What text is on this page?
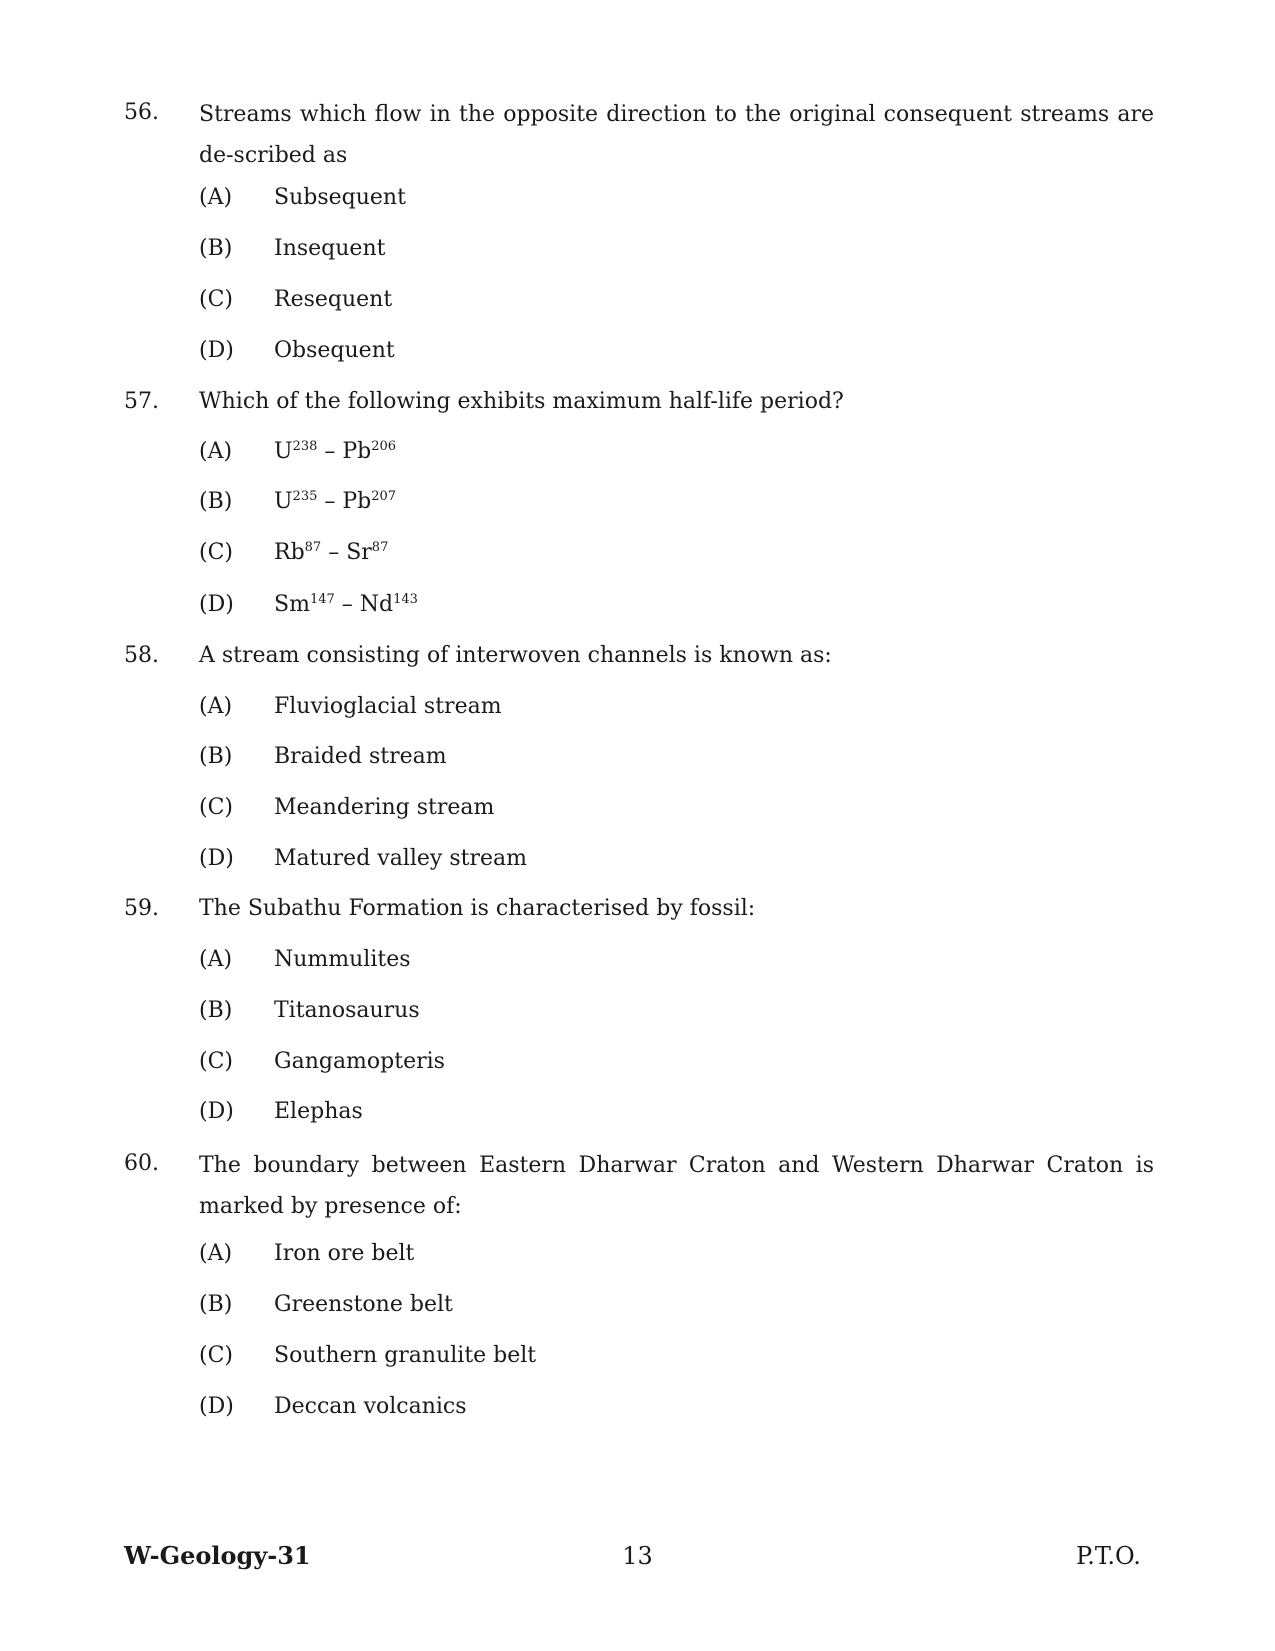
56. Streams which flow in the opposite direction to the original consequent streams are de-scribed as
(A) Subsequent
(B) Insequent
(C) Resequent
(D) Obsequent
57. Which of the following exhibits maximum half-life period?
(A) $U^{238} - Pb^{206}$
(B) $U^{235} - Pb^{207}$
(C) Rb$^{87}$ – Sr$^{87}$
(D) Sm$^{147}$ – Nd$^{143}$
58. A stream consisting of interwoven channels is known as:
(A) Fluvioglacial stream
(B) Braided stream
(C) Meandering stream
(D) Matured valley stream
59. The Subathu Formation is characterised by fossil:
(A) Nummulites
(B) Titanosaurus
(C) Gangamopteris
(D) Elephas
60. The boundary between Eastern Dharwar Craton and Western Dharwar Craton is marked by presence of:
(A) Iron ore belt
(B) Greenstone belt
(C) Southern granulite belt
(D) Deccan volcanics
W-Geology-31	13	P.T.O.
